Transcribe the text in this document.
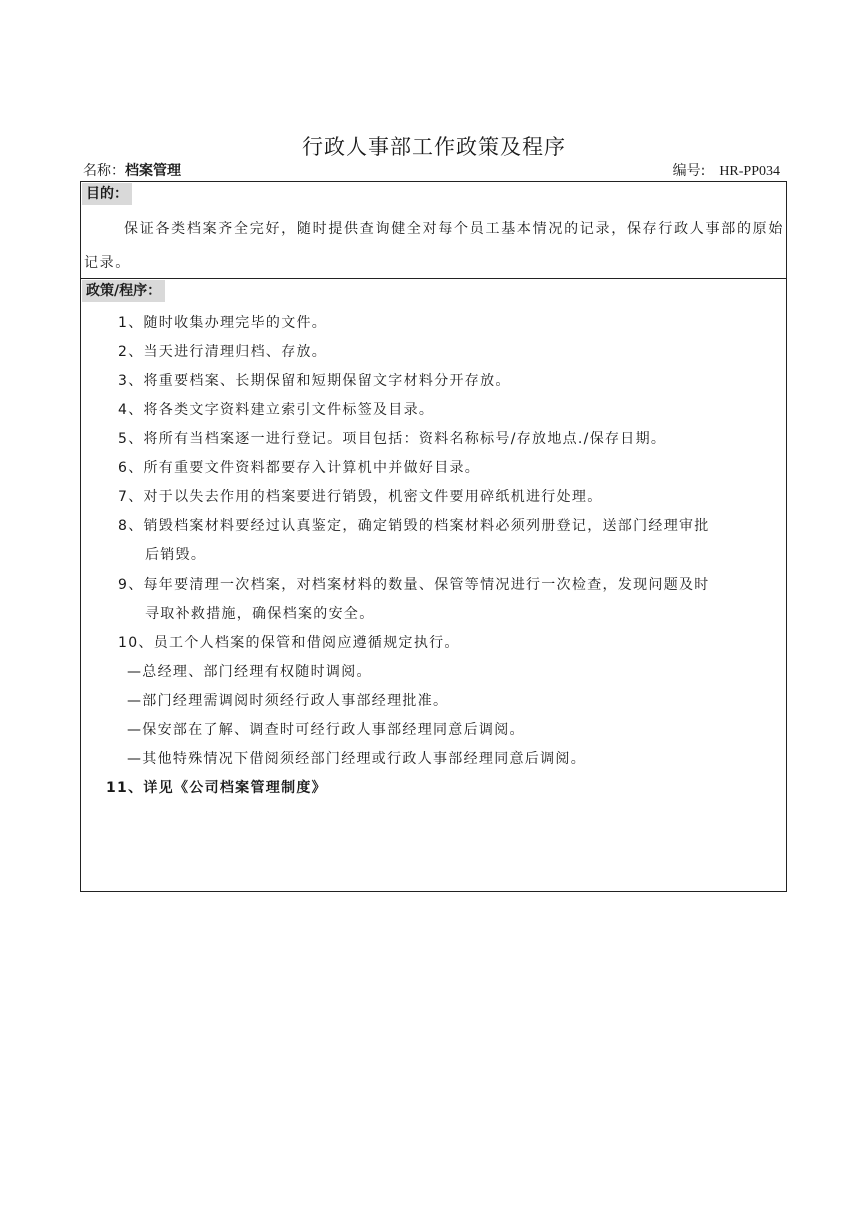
行政人事部工作政策及程序
名称：档案管理	编号: HR-PP034
目的：
保证各类档案齐全完好，随时提供查询健全对每个员工基本情况的记录，保存行政人事部的原始记录。
政策/程序：
1、随时收集办理完毕的文件。
2、当天进行清理归档、存放。
3、将重要档案、长期保留和短期保留文字材料分开存放。
4、将各类文字资料建立索引文件标签及目录。
5、将所有当档案逐一进行登记。项目包括：资料名称标号/存放地点./保存日期。
6、所有重要文件资料都要存入计算机中并做好目录。
7、对于以失去作用的档案要进行销毁，机密文件要用碎纸机进行处理。
8、销毁档案材料要经过认真鉴定，确定销毁的档案材料必须列册登记，送部门经理审批
后销毁。
9、每年要清理一次档案，对档案材料的数量、保管等情况进行一次检查，发现问题及时
寻取补救措施，确保档案的安全。
10、员工个人档案的保管和借阅应遵循规定执行。
—总经理、部门经理有权随时调阅。
—部门经理需调阅时须经行政人事部经理批准。
—保安部在了解、调查时可经行政人事部经理同意后调阅。
—其他特殊情况下借阅须经部门经理或行政人事部经理同意后调阅。
11、详见《公司档案管理制度》
